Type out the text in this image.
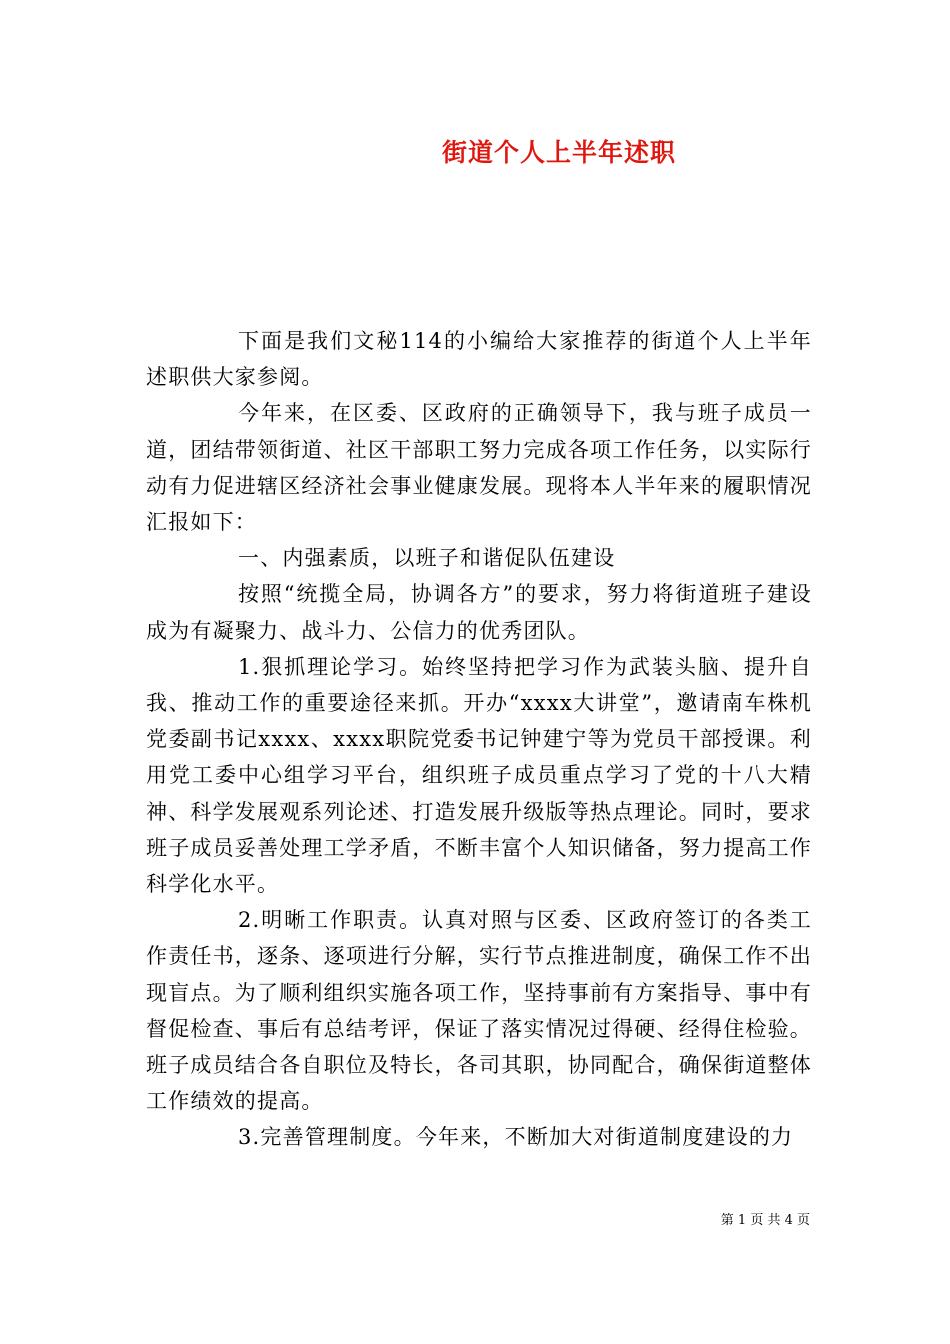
街道个人上半年述职

下面是我们文秘114的小编给大家推荐的街道个人上半年述职供大家参阅。

今年来，在区委、区政府的正确领导下，我与班子成员一道，团结带领街道、社区干部职工努力完成各项工作任务，以实际行动有力促进辖区经济社会事业健康发展。现将本人半年来的履职情况汇报如下：

一、内强素质，以班子和谐促队伍建设

按照“统揽全局，协调各方”的要求，努力将街道班子建设成为有凝聚力、战斗力、公信力的优秀团队。

1.狠抓理论学习。始终坚持把学习作为武装头脑、提升自我、推动工作的重要途径来抓。开办“xxxx大讲堂”，邀请南车株机党委副书记xxxx、xxxx职院党委书记钟建宁等为党员干部授课。利用党工委中心组学习平台，组织班子成员重点学习了党的十八大精神、科学发展观系列论述、打造发展升级版等热点理论。同时，要求班子成员妥善处理工学矛盾，不断丰富个人知识储备，努力提高工作科学化水平。

2.明晰工作职责。认真对照与区委、区政府签订的各类工作责任书，逐条、逐项进行分解，实行节点推进制度，确保工作不出现盲点。为了顺利组织实施各项工作，坚持事前有方案指导、事中有督促检查、事后有总结考评，保证了落实情况过得硬、经得住检验。班子成员结合各自职位及特长，各司其职，协同配合，确保街道整体工作绩效的提高。

3.完善管理制度。今年来，不断加大对街道制度建设的力

第 1 页 共 4 页
